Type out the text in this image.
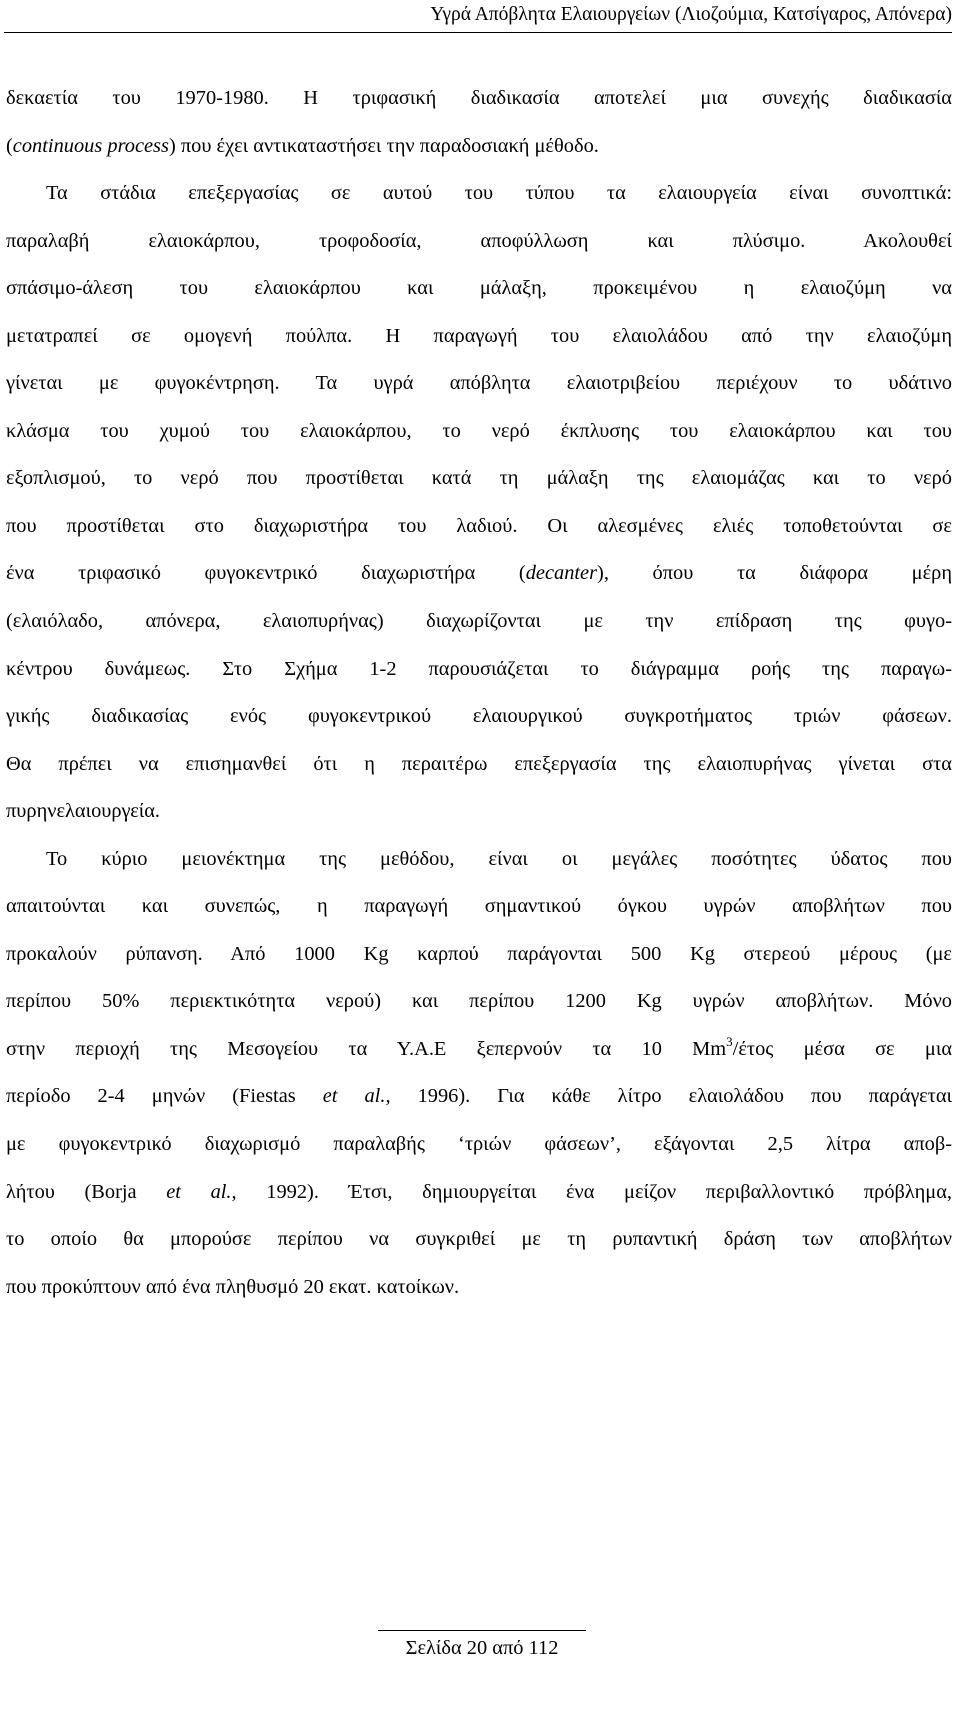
Υγρά Απόβλητα Ελαιουργείων (Λιοζούμια, Κατσίγαρος, Απόνερα)
δεκαετία του 1970-1980. Η τριφασική διαδικασία αποτελεί μια συνεχής διαδικασία
(continuous process) που έχει αντικαταστήσει την παραδοσιακή μέθοδο.
Τα στάδια επεξεργασίας σε αυτού του τύπου τα ελαιουργεία είναι συνοπτικά:
παραλαβή ελαιοκάρπου, τροφοδοσία, αποφύλλωση και πλύσιμο. Ακολουθεί
σπάσιμο-άλεση του ελαιοκάρπου και μάλαξη, προκειμένου η ελαιοζύμη να
μετατραπεί σε ομογενή πούλπα. Η παραγωγή του ελαιολάδου από την ελαιοζύμη
γίνεται με φυγοκέντρηση. Τα υγρά απόβλητα ελαιοτριβείου περιέχουν το υδάτινο
κλάσμα του χυμού του ελαιοκάρπου, το νερό έκπλυσης του ελαιοκάρπου και του
εξοπλισμού, το νερό που προστίθεται κατά τη μάλαξη της ελαιομάζας και το νερό
που προστίθεται στο διαχωριστήρα του λαδιού. Οι αλεσμένες ελιές τοποθετούνται σε
ένα τριφασικό φυγοκεντρικό διαχωριστήρα (decanter), όπου τα διάφορα μέρη
(ελαιόλαδο, απόνερα, ελαιοπυρήνας) διαχωρίζονται με την επίδραση της φυγο-
κέντρου δυνάμεως. Στο Σχήμα 1-2 παρουσιάζεται το διάγραμμα ροής της παραγω-
γικής διαδικασίας ενός φυγοκεντρικού ελαιουργικού συγκροτήματος τριών φάσεων.
Θα πρέπει να επισημανθεί ότι η περαιτέρω επεξεργασία της ελαιοπυρήνας γίνεται στα
πυρηνελαιουργεία.
Το κύριο μειονέκτημα της μεθόδου, είναι οι μεγάλες ποσότητες ύδατος που
απαιτούνται και συνεπώς, η παραγωγή σημαντικού όγκου υγρών αποβλήτων που
προκαλούν ρύπανση. Από 1000 Kg καρπού παράγονται 500 Kg στερεού μέρους (με
περίπου 50% περιεκτικότητα νερού) και περίπου 1200 Kg υγρών αποβλήτων. Μόνο
στην περιοχή της Μεσογείου τα Υ.Α.Ε ξεπερνούν τα 10 Mm$^3$/έτος μέσα σε μια
περίοδο 2-4 μηνών (Fiestas et al., 1996). Για κάθε λίτρο ελαιολάδου που παράγεται
με φυγοκεντρικό διαχωρισμό παραλαβής ‘τριών φάσεων’, εξάγονται 2,5 λίτρα αποβ-
λήτου (Borja et al., 1992). Έτσι, δημιουργείται ένα μείζον περιβαλλοντικό πρόβλημα,
το οποίο θα μπορούσε περίπου να συγκριθεί με τη ρυπαντική δράση των αποβλήτων
που προκύπτουν από ένα πληθυσμό 20 εκατ. κατοίκων.
Σελίδα 20 από 112
